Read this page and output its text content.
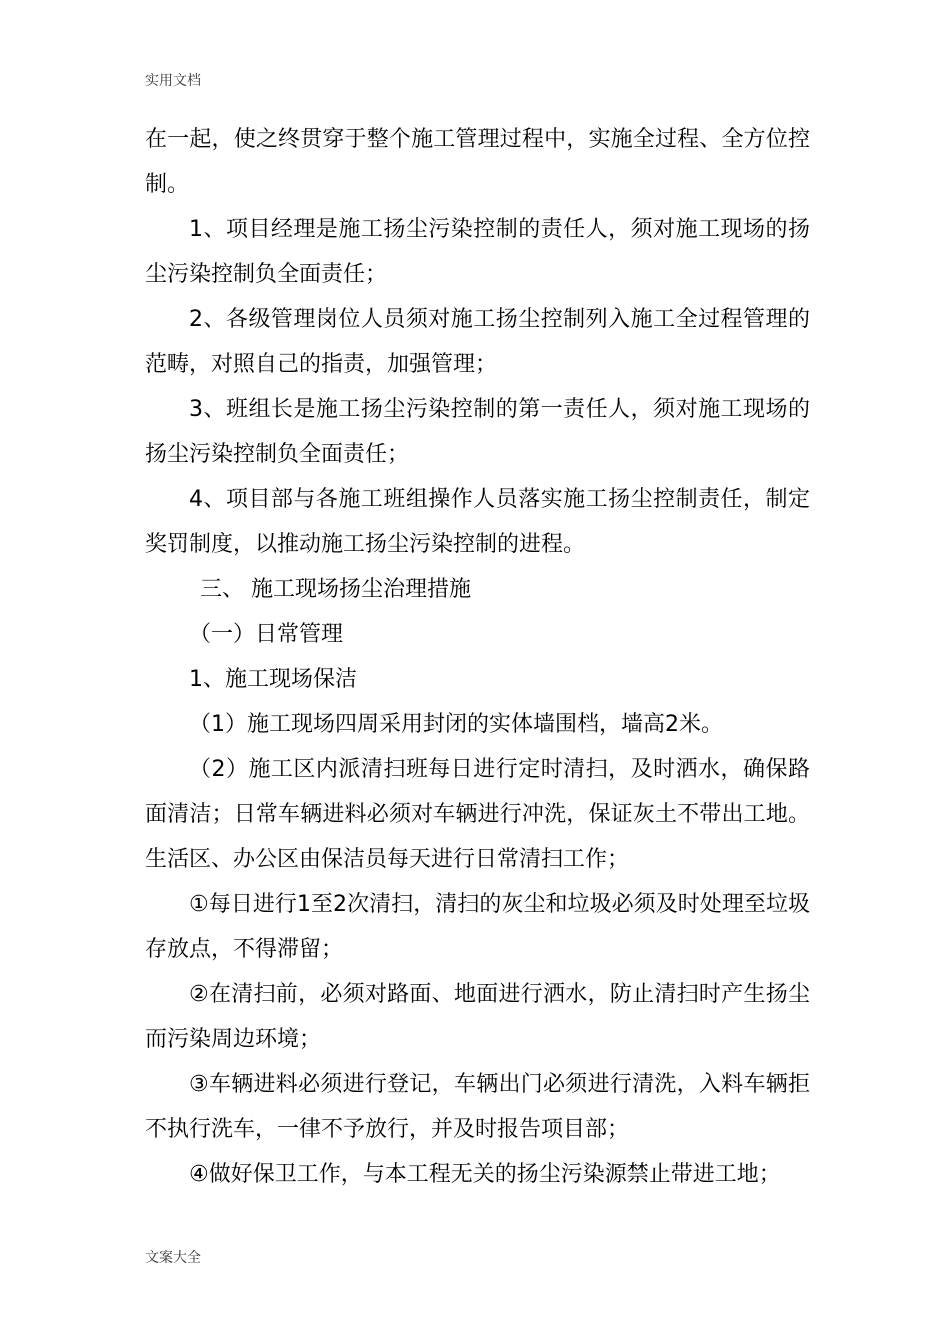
实用文档

在一起，使之终贯穿于整个施工管理过程中，实施全过程、全方位控制。

1、项目经理是施工扬尘污染控制的责任人，须对施工现场的扬尘污染控制负全面责任；

2、各级管理岗位人员须对施工扬尘控制列入施工全过程管理的范畴，对照自己的指责，加强管理；

3、班组长是施工扬尘污染控制的第一责任人，须对施工现场的扬尘污染控制负全面责任；

4、项目部与各施工班组操作人员落实施工扬尘控制责任，制定奖罚制度，以推动施工扬尘污染控制的进程。

三、 施工现场扬尘治理措施

（一）日常管理

1、施工现场保洁

（1）施工现场四周采用封闭的实体墙围档，墙高2米。

（2）施工区内派清扫班每日进行定时清扫，及时洒水，确保路面清洁；日常车辆进料必须对车辆进行冲洗，保证灰土不带出工地。生活区、办公区由保洁员每天进行日常清扫工作；

①每日进行1至2次清扫，清扫的灰尘和垃圾必须及时处理至垃圾存放点，不得滞留；

②在清扫前，必须对路面、地面进行洒水，防止清扫时产生扬尘而污染周边环境；

③车辆进料必须进行登记，车辆出门必须进行清洗，入料车辆拒不执行洗车，一律不予放行，并及时报告项目部；

④做好保卫工作，与本工程无关的扬尘污染源禁止带进工地；

文案大全
